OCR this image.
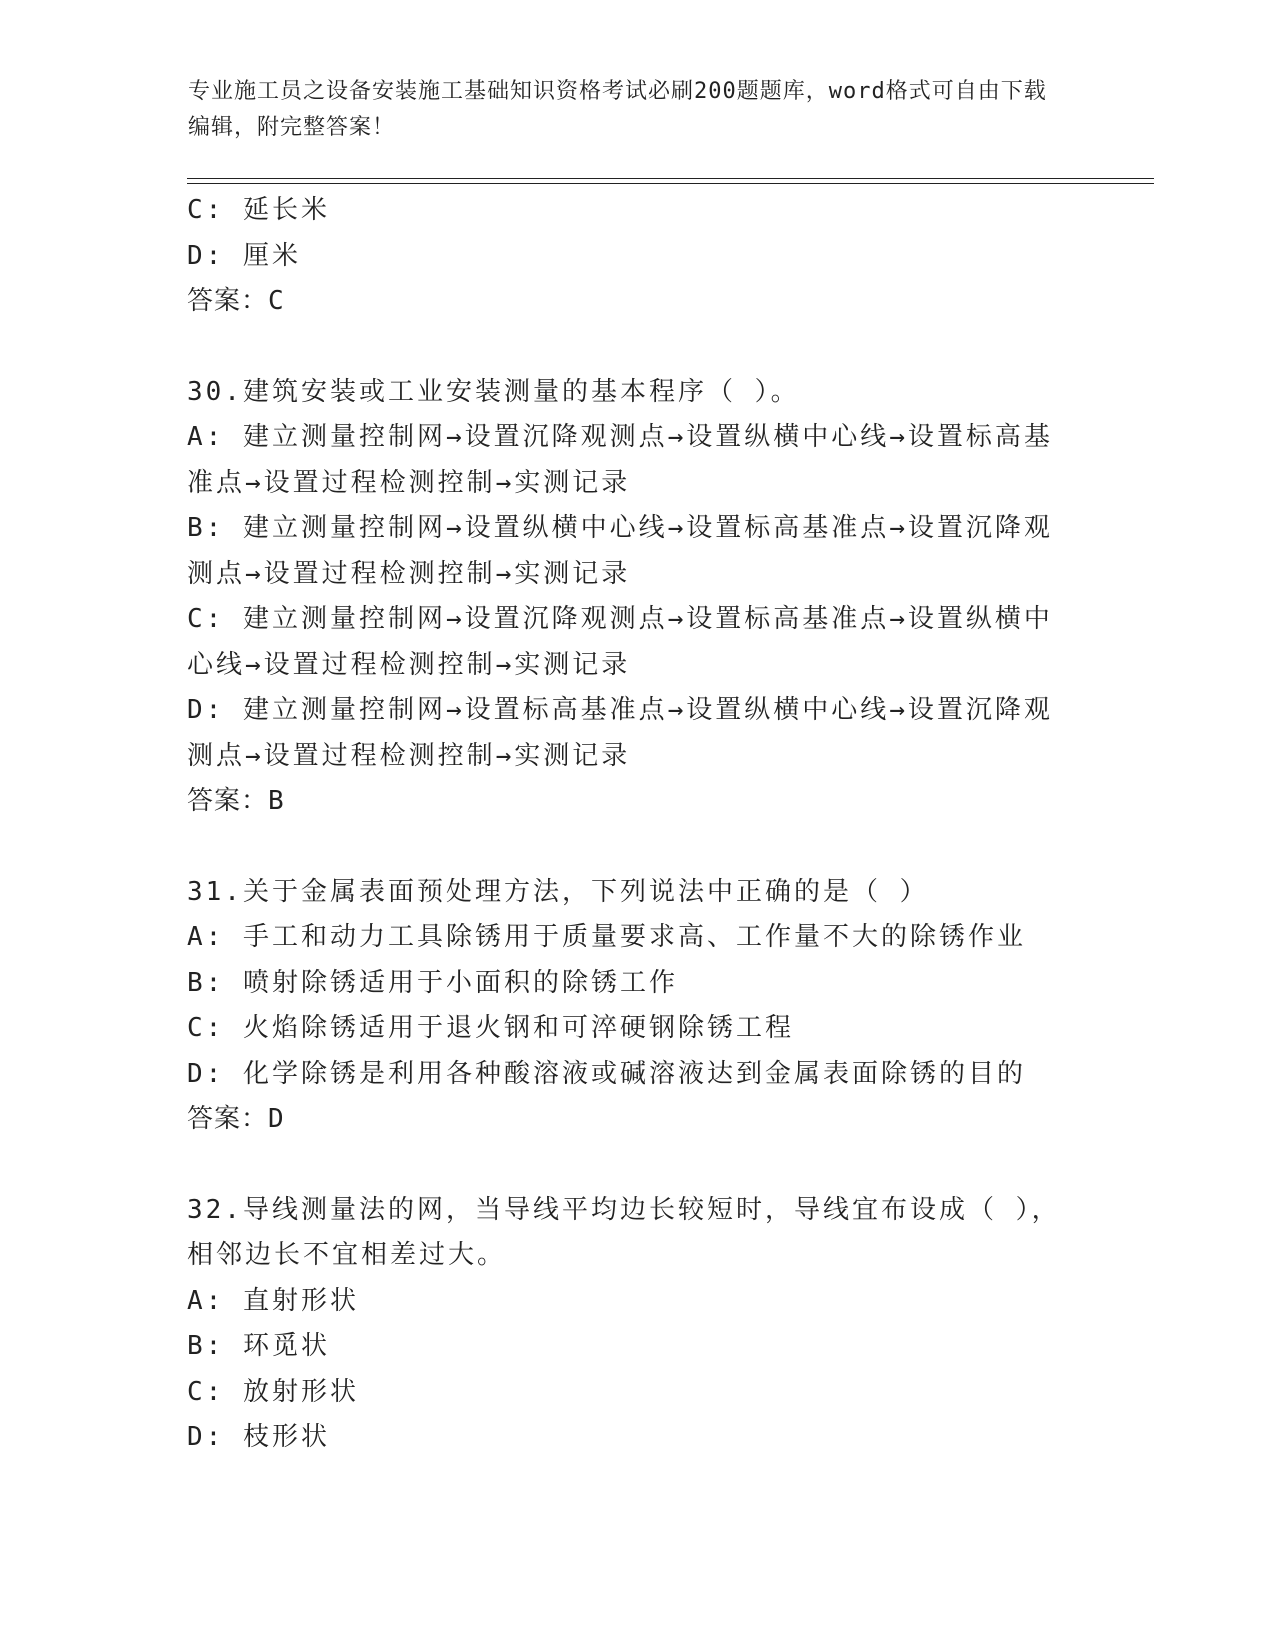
专业施工员之设备安装施工基础知识资格考试必刷200题题库，word格式可自由下载编辑，附完整答案！
C: 延长米
D: 厘米
答案：C
30.建筑安装或工业安装测量的基本程序（ ）。
A: 建立测量控制网→设置沉降观测点→设置纵横中心线→设置标高基准点→设置过程检测控制→实测记录
B: 建立测量控制网→设置纵横中心线→设置标高基准点→设置沉降观测点→设置过程检测控制→实测记录
C: 建立测量控制网→设置沉降观测点→设置标高基准点→设置纵横中心线→设置过程检测控制→实测记录
D: 建立测量控制网→设置标高基准点→设置纵横中心线→设置沉降观测点→设置过程检测控制→实测记录
答案：B
31.关于金属表面预处理方法，下列说法中正确的是（ ）
A: 手工和动力工具除锈用于质量要求高、工作量不大的除锈作业
B: 喷射除锈适用于小面积的除锈工作
C: 火焰除锈适用于退火钢和可淬硬钢除锈工程
D: 化学除锈是利用各种酸溶液或碱溶液达到金属表面除锈的目的
答案：D
32.导线测量法的网，当导线平均边长较短时，导线宜布设成（ ），相邻边长不宜相差过大。
A: 直射形状
B: 环觅状
C: 放射形状
D: 枝形状
